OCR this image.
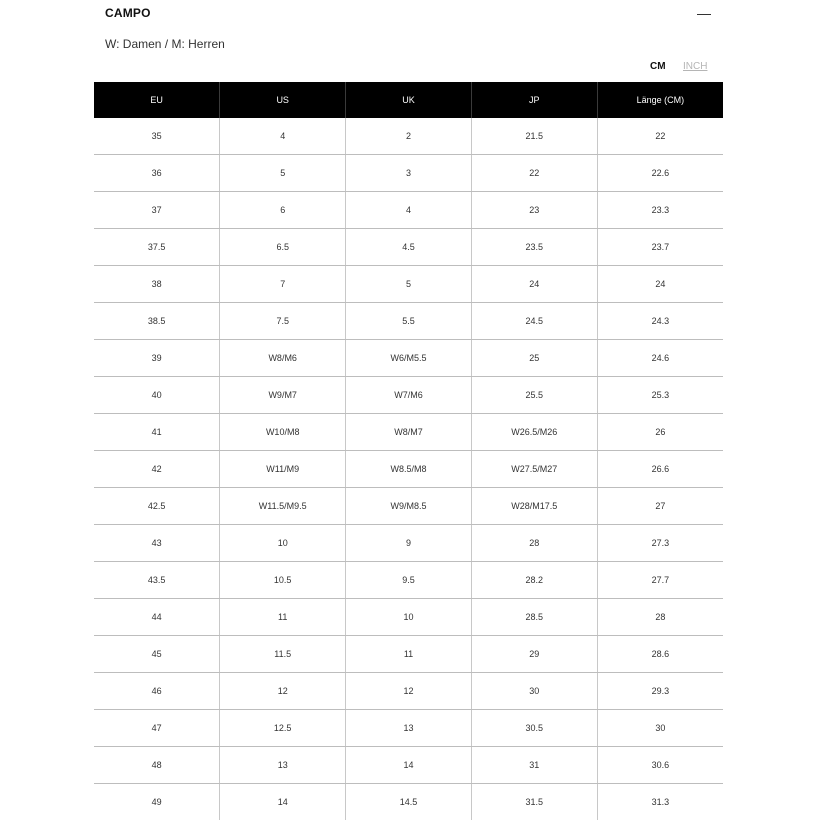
CAMPO
W: Damen / M: Herren
CM INCH
EU	US	UK	JP	Länge (CM)
35	4	2	21.5	22
36	5	3	22	22.6
37	6	4	23	23.3
37.5	6.5	4.5	23.5	23.7
38	7	5	24	24
38.5	7.5	5.5	24.5	24.3
39	W8/M6	W6/M5.5	25	24.6
40	W9/M7	W7/M6	25.5	25.3
41	W10/M8	W8/M7	W26.5/M26	26
42	W11/M9	W8.5/M8	W27.5/M27	26.6
42.5	W11.5/M9.5	W9/M8.5	W28/M17.5	27
43	10	9	28	27.3
43.5	10.5	9.5	28.2	27.7
44	11	10	28.5	28
45	11.5	11	29	28.6
46	12	12	30	29.3
47	12.5	13	30.5	30
48	13	14	31	30.6
49	14	14.5	31.5	31.3
